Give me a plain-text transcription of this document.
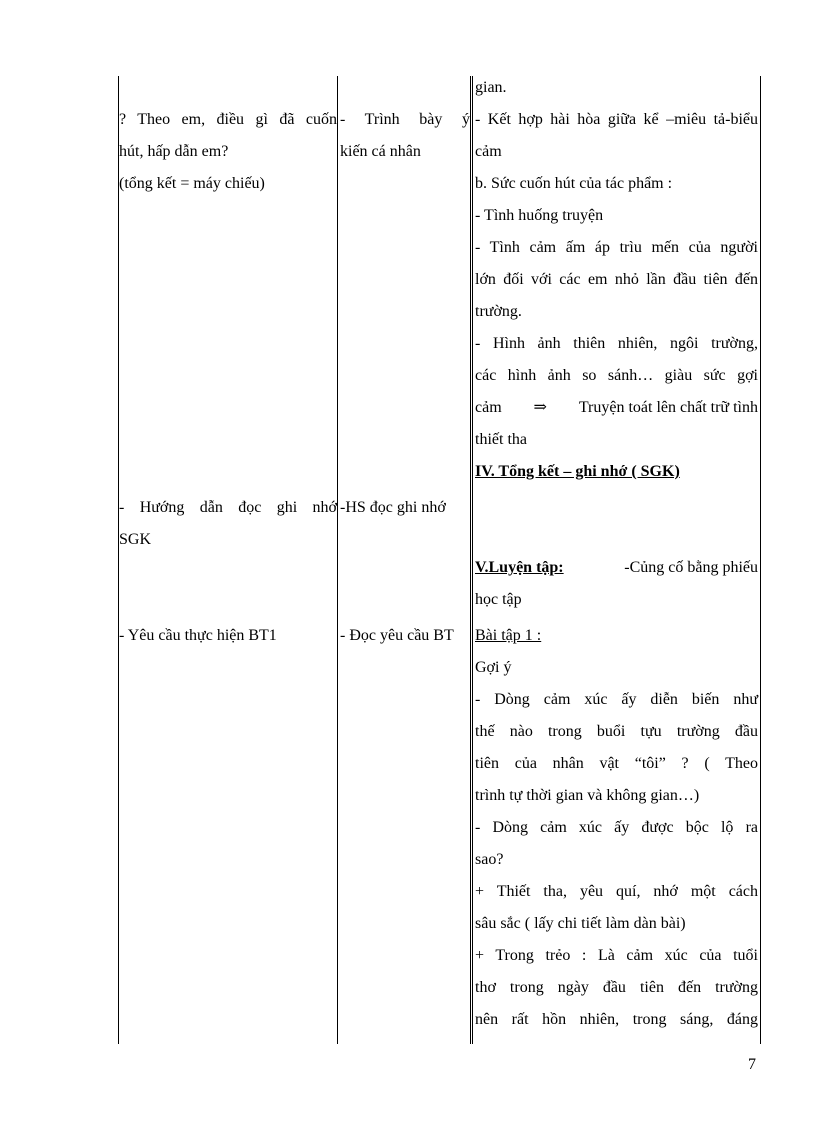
? Theo em, điều gì đã cuốn
hút, hấp dẫn em?
(tổng kết = máy chiếu)
- Hướng dẫn đọc ghi nhớ
SGK
- Yêu cầu thực hiện BT1
- Trình bày ý
kiến cá nhân
-HS đọc ghi nhớ
- Đọc yêu cầu BT
gian.
- Kết hợp hài hòa giữa kể –miêu tả-biểu
cảm
b. Sức cuốn hút của tác phẩm :
- Tình huống truyện
- Tình cảm ấm áp trìu mến của người
lớn đối với các em nhỏ lần đầu tiên đến
trường.
- Hình ảnh thiên nhiên, ngôi trường,
các hình ảnh so sánh… giàu sức gợi
cảm ⇒ Truyện toát lên chất trữ tình
thiết tha
IV. Tổng kết – ghi nhớ ( SGK)
V.Luyện tập:	-Củng cố bằng phiếu
học tập
Bài tập 1 :
Gợi ý
- Dòng cảm xúc ấy diễn biến như
thế nào trong buổi tựu trường đầu
tiên của nhân vật “tôi” ? ( Theo
trình tự thời gian và không gian…)
- Dòng cảm xúc ấy được bộc lộ ra
sao?
+ Thiết tha, yêu quí, nhớ một cách
sâu sắc ( lấy chi tiết làm dàn bài)
+ Trong trẻo : Là cảm xúc của tuổi
thơ trong ngày đầu tiên đến trường
nên rất hồn nhiên, trong sáng, đáng
7
